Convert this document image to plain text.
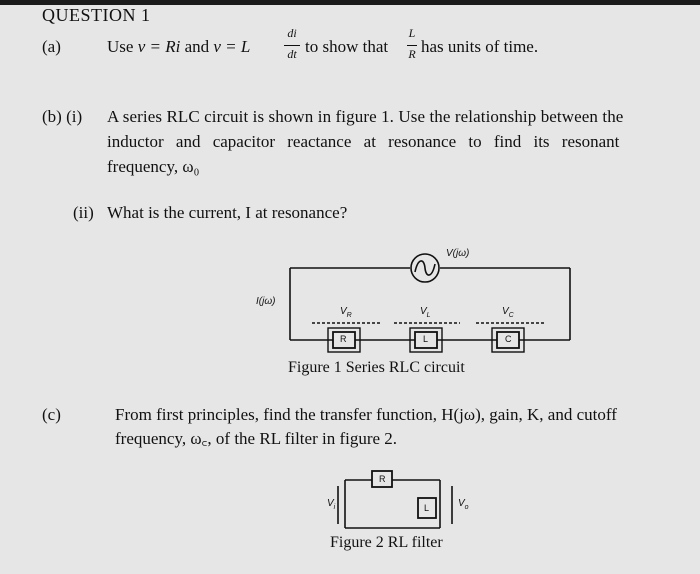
QUESTION 1
(a)	Use v = Ri and v = L
di
dt to show that
L
R has units of time.
(b) (i) A series RLC circuit is shown in figure 1. Use the relationship between the
inductor and capacitor reactance at resonance to find its resonant
frequency, ω₀
(ii) What is the current, I at resonance?
V(jω)
I(jω)
$V_R$	$V_L$	$V_C$
R	L	C
Figure 1 Series RLC circuit
(c)	From first principles, find the transfer function, H(jω), gain, K, and cutoff
frequency, ω꜀, of the RL filter in figure 2.
R
L
$V_i$	$V_o$
Figure 2 RL filter
